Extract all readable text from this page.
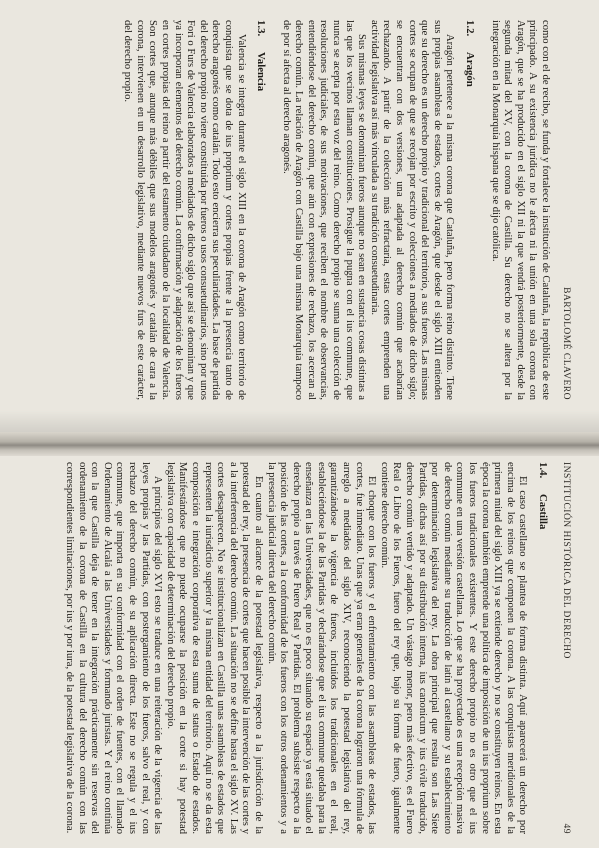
BARTOLOMÉ CLAVERO

como con el de recibo, se funda y fortalece la institución de Cataluña, la república de este principado. A su existencia jurídica no le afecta ni la unión en una sola corona con Aragón, que se ha producido en el siglo XII ni la que vendrá posteriormente, desde la segunda mitad del XV, con la corona de Castilla. Su derecho no se altera por la integración en la Monarquía hispana que se dijo católica.

1.2.Aragón

Aragón pertenece a la misma corona que Cataluña, pero forma reino distinto. Tiene sus propias asambleas de estados, cortes de Aragón, que desde el siglo XIII entienden que su derecho es un derecho propio y tradicional del territorio, a sus fueros. Las mismas cortes se ocupan de que se recojan por escrito y colecciones a mediados de dicho siglo; se encuentran con dos versiones, una adaptada al derecho común que acabarían rechazando. A partir de la colección más refractaria, estas cortes emprenden una actividad legislativa así más vinculada a su tradición consuetudinaria.

Sus mismas leyes se denominan fueros aunque no sean en sustancia cosas distintas a las que los vecinos llaman constituciones. Prosigue la pugna con el ius commune, que nunca se acepta por esta voz del reino. Como derecho propio se suma una colección de resoluciones judiciales, de sus motivaciones, que reciben el nombre de observancias, entendiéndose del derecho común, que aún con expresiones de rechazo, los acercan al derecho común. La relación de Aragón con Castilla bajo una misma Monarquía tampoco de por sí afecta al derecho aragonés.

1.3.Valencia

Valencia se integra durante el siglo XIII en la corona de Aragón como territorio de conquista que se dota de ius proprium y cortes propias frente a la presencia tanto de derecho aragonés como catalán. Todo esto encierra sus peculiaridades. La base de partida del derecho propio no viene constituida por fueros o usos consuetudinarios, sino por unos Fori o Furs de Valencia elaborados a mediados de dicho siglo que así se denominan y que ya incorporan elementos del derecho común. La confirmación y adaptación de los fueros en cortes propias del reino a partir del estamento ciudadano de la localidad de Valencia. Son cortes que, aunque más débiles que sus modelos aragonés y catalán de cara a la corona, intervienen en un desarrollo legislativo, mediante nuevos furs de este carácter, del derecho propio.

INSTITUCIÓN HISTÓRICA DEL DERECHO
49
1.4.Castilla

El caso castellano se plantea de forma distinta. Aquí aparecerá un derecho por encima de los reinos que componen la corona. A las conquistas meridionales de la primera mitad del siglo XIII ya se extiende derecho y no se constituyen reinos. En esta época la corona también emprende una política de imposición de un ius proprium sobre los fueros tradicionales existentes. Y este derecho propio no es otro que el ius commune en una versión castellana. Lo que se ha proyectado es una recepción masiva de derecho común mediante su traducción de latín al castellano y su establecimiento por determinación legislativa del rey. La obra principal que resulta son Las Siete Partidas, dichas así por su distribución interna, ius canonicum y ius civile traducido, derecho común vertido y adaptado. Un vástago menor, pero más efectivo, es el Fuero Real o Libro de los Fueros, fuero del rey que, bajo su forma de fuero, igualmente contiene derecho común.

El choque con los fueros y el enfrentamiento con las asambleas de estados, las cortes, fue inmediato. Unas que ya eran generales de la corona lograron una fórmula de arreglo a mediados del siglo XIV, reconociendo la potestad legislativa del rey, garantizándose la vigencia de fueros, incluidos los tradicionales en el real, estableciéndose la de las Partidas y declarándose que el ius commune quedaba para la enseñanza en las Universidades, que no es poco situando su espacio ya está situado el derecho propio a través de Fuero Real y Partidas. El problema subsiste respecto a la posición de las cortes, a la conformidad de los fueros con los otros ordenamientos y a la presencia judicial directa del derecho común.

En cuanto al alcance de la potestad legislativa, respecto a la jurisdicción de la potestad del rey, la presencia de cortes que hacen posible la intervención de las cortes y a la interferencia del derecho común. La situación no se define hasta el siglo XV. Las cortes desaparecen. No se institucionalizan en Castilla unas asambleas de estados que representen la iurisdictio superior y la misma entidad del territorio. Aquí no se da esta composición e integración corporativa de esta suma de status o Estado de estados. Manifestándose que no puede ocuparse la posición en la corte si hay potestad legislativa con capacidad de determinación del derecho propio.

A principios del siglo XVI esto se traduce en una reiteración de la vigencia de las leyes propias y las Partidas, con postergamiento de los fueros, salvo el real, y con rechazo del derecho común, de su aplicación directa. Este no se regula y el ius commune, que importa en su conformidad con el orden de fuentes, con el llamado Ordenamiento de Alcalá a las Universidades y formando juristas. Y el reino continúa con la que Castilla deja de tener en la integración prácticamente sin reservas del ordenamiento de la corona de Castilla en la cultura del derecho común con las correspondientes limitaciones, por ius y por iura, de la potestad legislativa de la corona.
